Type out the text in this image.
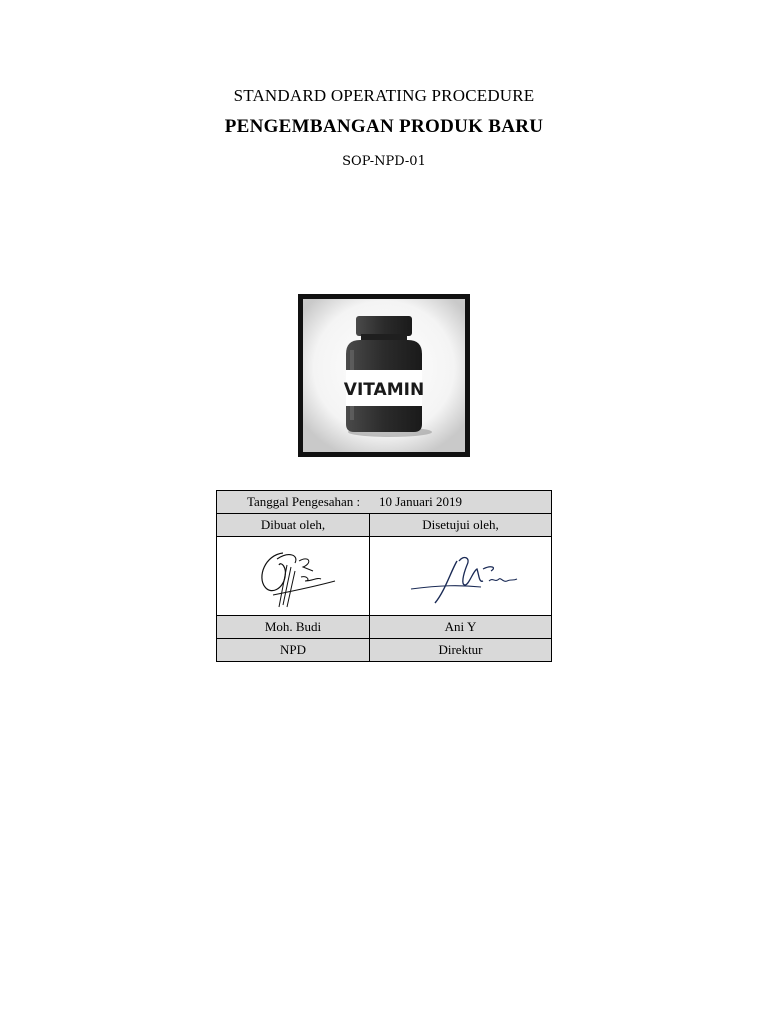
STANDARD OPERATING PROCEDURE
PENGEMBANGAN PRODUK BARU
SOP-NPD-01
VITAMIN
Tanggal Pengesahan : 10 Januari 2019	
Dibuat oleh,	Disetujui oleh,

Moh. Budi	Ani Y
NPD	Direktur
